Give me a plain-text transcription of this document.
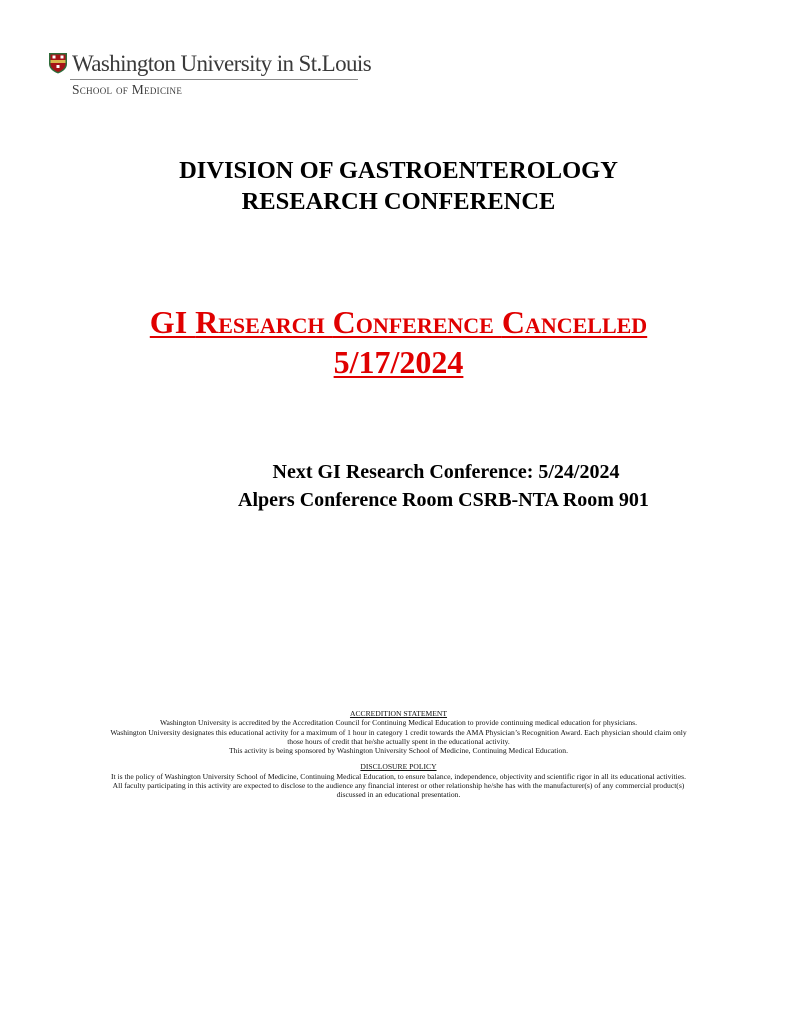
Washington University in St.Louis
School of Medicine
DIVISION OF GASTROENTEROLOGY
RESEARCH CONFERENCE
GI Research Conference Cancelled
5/17/2024
Next GI Research Conference: 5/24/2024
Alpers Conference Room CSRB-NTA Room 901
ACCREDITION STATEMENT
Washington University is accredited by the Accreditation Council for Continuing Medical Education to provide continuing medical education for physicians.
Washington University designates this educational activity for a maximum of 1 hour in category 1 credit towards the AMA Physician’s Recognition Award. Each physician should claim only
those hours of credit that he/she actually spent in the educational activity.
This activity is being sponsored by Washington University School of Medicine, Continuing Medical Education.
DISCLOSURE POLICY
It is the policy of Washington University School of Medicine, Continuing Medical Education, to ensure balance, independence, objectivity and scientific rigor in all its educational activities.
All faculty participating in this activity are expected to disclose to the audience any financial interest or other relationship he/she has with the manufacturer(s) of any commercial product(s)
discussed in an educational presentation.
